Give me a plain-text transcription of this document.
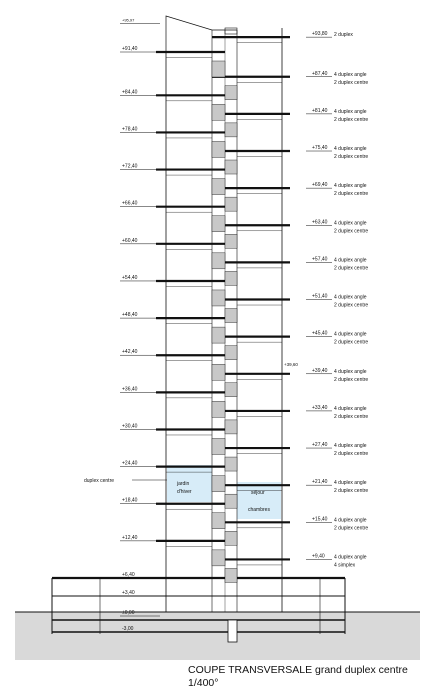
+95,97
+91,40
+84,40
+78,40
+72,40
+66,40
+60,40
+54,40
+48,40
+42,40
+36,40
+30,40
+24,40
+18,40
+12,40
+6,40
+3,40
±0,00
-3,00
+93,80 2 duplex
+87,40 4 duplex angle
2 duplex centre
+81,40 4 duplex angle
2 duplex centre
+75,40 4 duplex angle
2 duplex centre
+69,40 4 duplex angle
2 duplex centre
+63,40 4 duplex angle
2 duplex centre
+57,40 4 duplex angle
2 duplex centre
+51,40 4 duplex angle
2 duplex centre
+45,40 4 duplex angle
2 duplex centre
+39,40 4 duplex angle
2 duplex centre
+33,40 4 duplex angle
2 duplex centre
+27,40 4 duplex angle
2 duplex centre
+21,40 4 duplex angle
2 duplex centre
+15,40 4 duplex angle
2 duplex centre
+9,40 4 duplex angle
4 simplex
+39,60
duplex centre	jardin d'hiver	séjour
chambres
COUPE TRANSVERSALE grand duplex centre
1/400°
